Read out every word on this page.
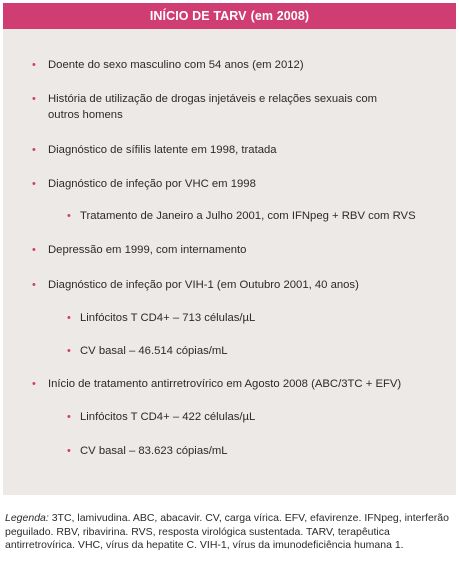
INÍCIO DE TARV (em 2008)
• Doente do sexo masculino com 54 anos (em 2012)
• História de utilização de drogas injetáveis e relações sexuais com outros homens
• Diagnóstico de sífilis latente em 1998, tratada
• Diagnóstico de infeção por VHC em 1998
• Tratamento de Janeiro a Julho 2001, com IFNpeg + RBV com RVS
• Depressão em 1999, com internamento
• Diagnóstico de infeção por VIH-1 (em Outubro 2001, 40 anos)
• Linfócitos T CD4+ – 713 células/µL
• CV basal – 46.514 cópias/mL
• Início de tratamento antirretrovírico em Agosto 2008 (ABC/3TC + EFV)
• Linfócitos T CD4+ – 422 células/µL
• CV basal – 83.623 cópias/mL
Legenda: 3TC, lamivudina. ABC, abacavir. CV, carga vírica. EFV, efavirenze. IFNpeg, interferão peguilado. RBV, ribavirina. RVS, resposta virológica sustentada. TARV, terapêutica antirretrovírica. VHC, vírus da hepatite C. VIH-1, vírus da imunodeficiência humana 1.
